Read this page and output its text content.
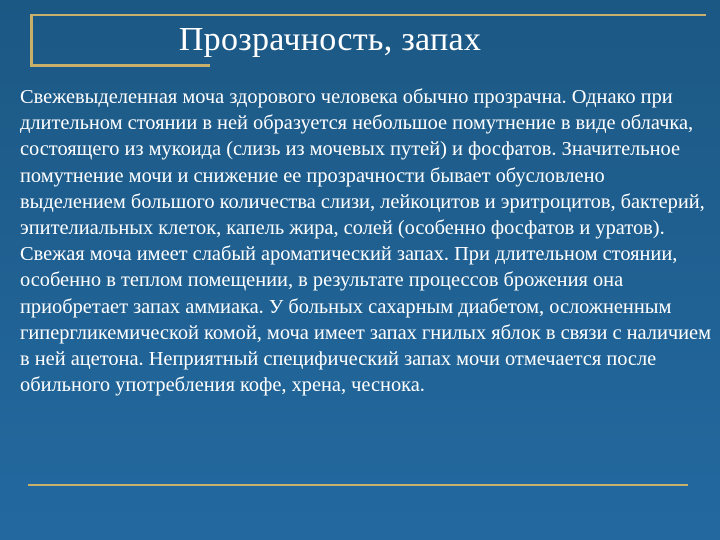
Прозрачность, запах

Свежевыделенная моча здорового человека обычно прозрачна. Однако при длительном стоянии в ней образуется небольшое помутнение в виде облачка, состоящего из мукоида (слизь из мочевых путей) и фосфатов. Значительное помутнение мочи и снижение ее прозрачности бывает обусловлено выделением большого количества слизи, лейкоцитов и эритроцитов, бактерий, эпителиальных клеток, капель жира, солей (особенно фосфатов и уратов).

Свежая моча имеет слабый ароматический запах. При длительном стоянии, особенно в теплом помещении, в результате процессов брожения она приобретает запах аммиака. У больных сахарным диабетом, осложненным гипергликемической комой, моча имеет запах гнилых яблок в связи с наличием в ней ацетона. Неприятный специфический запах мочи отмечается после обильного употребления кофе, хрена, чеснока.
